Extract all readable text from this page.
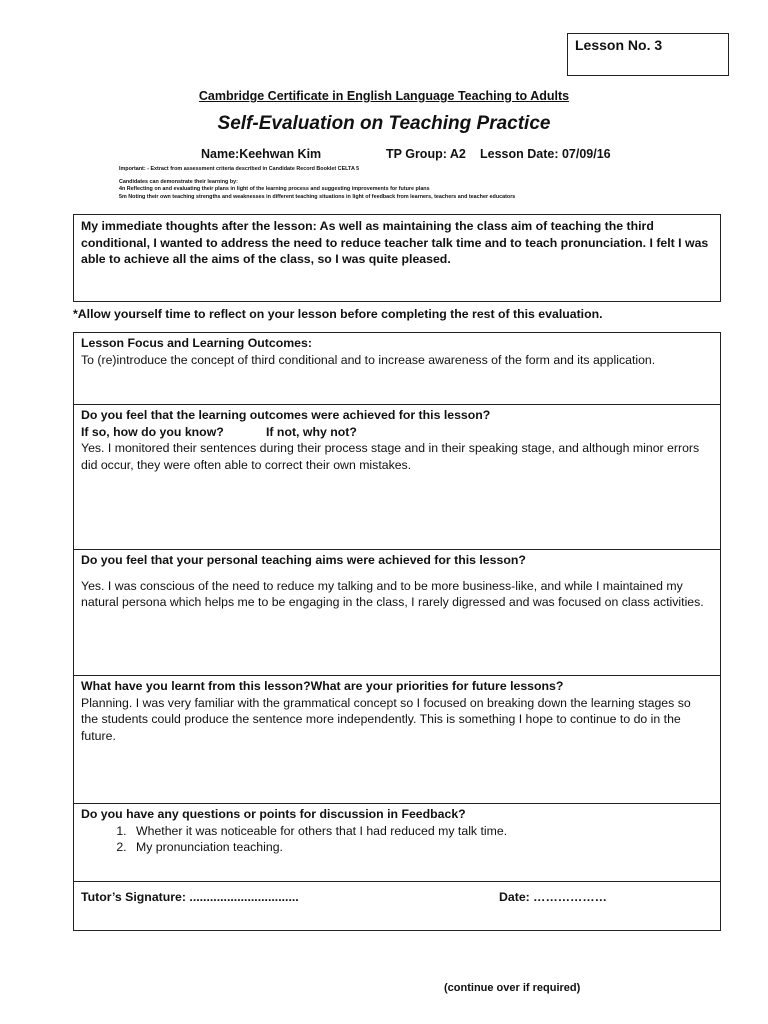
Lesson No. 3
Cambridge Certificate in English Language Teaching to Adults
Self-Evaluation on Teaching Practice
Name:Keehwan Kim	TP Group: A2 Lesson Date: 07/09/16
Important: - Extract from assessment criteria described in Candidate Record Booklet CELTA 5
Candidates can demonstrate their learning by:
4n Reflecting on and evaluating their plans in light of the learning process and suggesting improvements for future plans
5m Noting their own teaching strengths and weaknesses in different teaching situations in light of feedback from learners, teachers and teacher educators
My immediate thoughts after the lesson: As well as maintaining the class aim of teaching the third conditional, I wanted to address the need to reduce teacher talk time and to teach pronunciation. I felt I was able to achieve all the aims of the class, so I was quite pleased.
*Allow yourself time to reflect on your lesson before completing the rest of this evaluation.
Lesson Focus and Learning Outcomes:
To (re)introduce the concept of third conditional and to increase awareness of the form and its application.
Do you feel that the learning outcomes were achieved for this lesson?
If so, how do you know?	If not, why not?
Yes. I monitored their sentences during their process stage and in their speaking stage, and although minor errors did occur, they were often able to correct their own mistakes.
Do you feel that your personal teaching aims were achieved for this lesson?
Yes. I was conscious of the need to reduce my talking and to be more business-like, and while I maintained my
natural persona which helps me to be engaging in the class, I rarely digressed and was focused on class activities.
What have you learnt from this lesson?What are your priorities for future lessons?
Planning. I was very familiar with the grammatical concept so I focused on breaking down the learning stages so
the students could produce the sentence more independently. This is something I hope to continue to do in the
future.
Do you have any questions or points for discussion in Feedback?
1. Whether it was noticeable for others that I had reduced my talk time.
2. My pronunciation teaching.
Tutor’s Signature: ................................	Date: ………………
(continue over if required)
